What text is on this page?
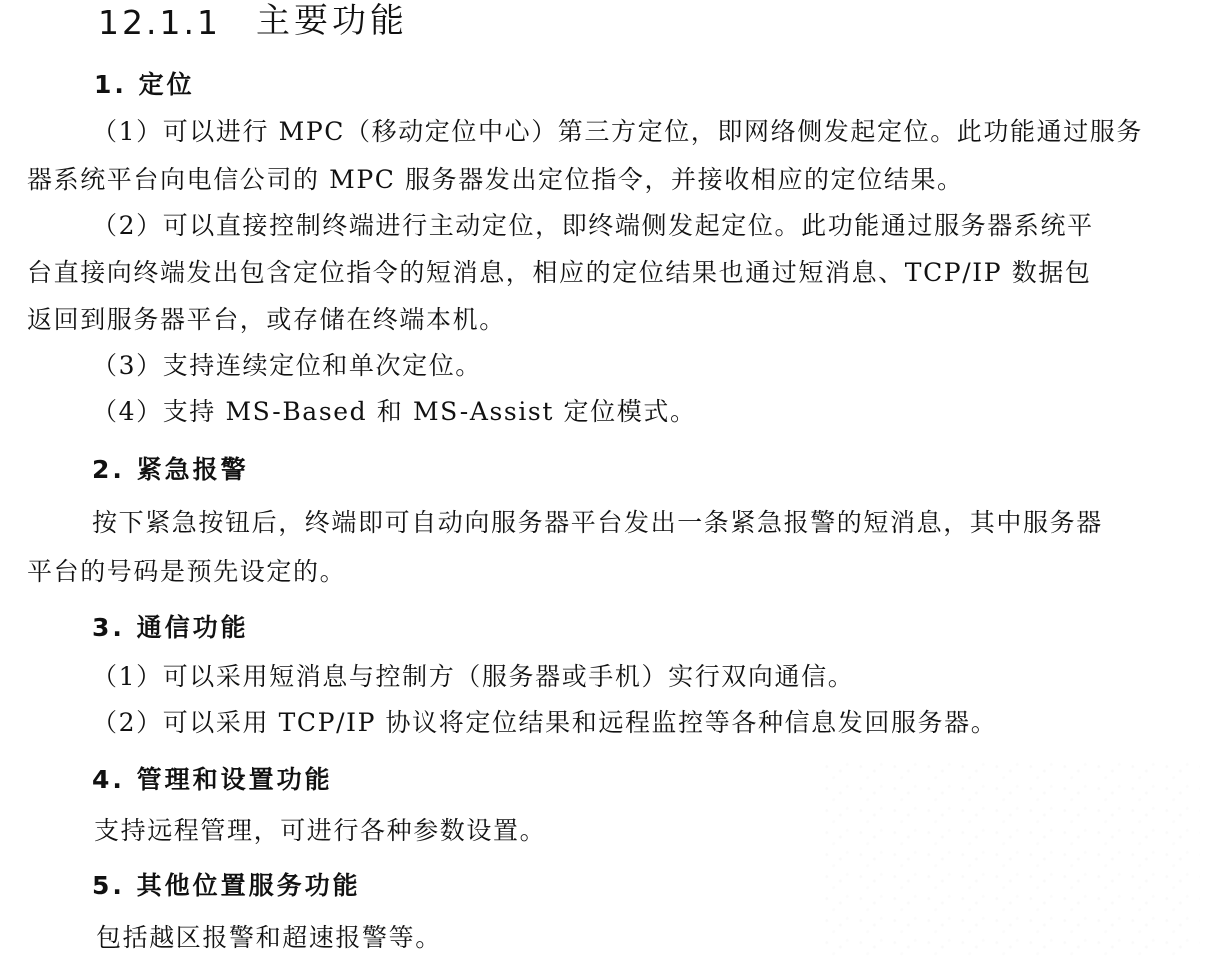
12.1.1 主要功能
1. 定位
（1）可以进行 MPC（移动定位中心）第三方定位，即网络侧发起定位。此功能通过服务
器系统平台向电信公司的 MPC 服务器发出定位指令，并接收相应的定位结果。
（2）可以直接控制终端进行主动定位，即终端侧发起定位。此功能通过服务器系统平
台直接向终端发出包含定位指令的短消息，相应的定位结果也通过短消息、TCP/IP 数据包
返回到服务器平台，或存储在终端本机。
（3）支持连续定位和单次定位。
（4）支持 MS-Based 和 MS-Assist 定位模式。
2. 紧急报警
按下紧急按钮后，终端即可自动向服务器平台发出一条紧急报警的短消息，其中服务器
平台的号码是预先设定的。
3. 通信功能
（1）可以采用短消息与控制方（服务器或手机）实行双向通信。
（2）可以采用 TCP/IP 协议将定位结果和远程监控等各种信息发回服务器。
4. 管理和设置功能
支持远程管理，可进行各种参数设置。
5. 其他位置服务功能
包括越区报警和超速报警等。
